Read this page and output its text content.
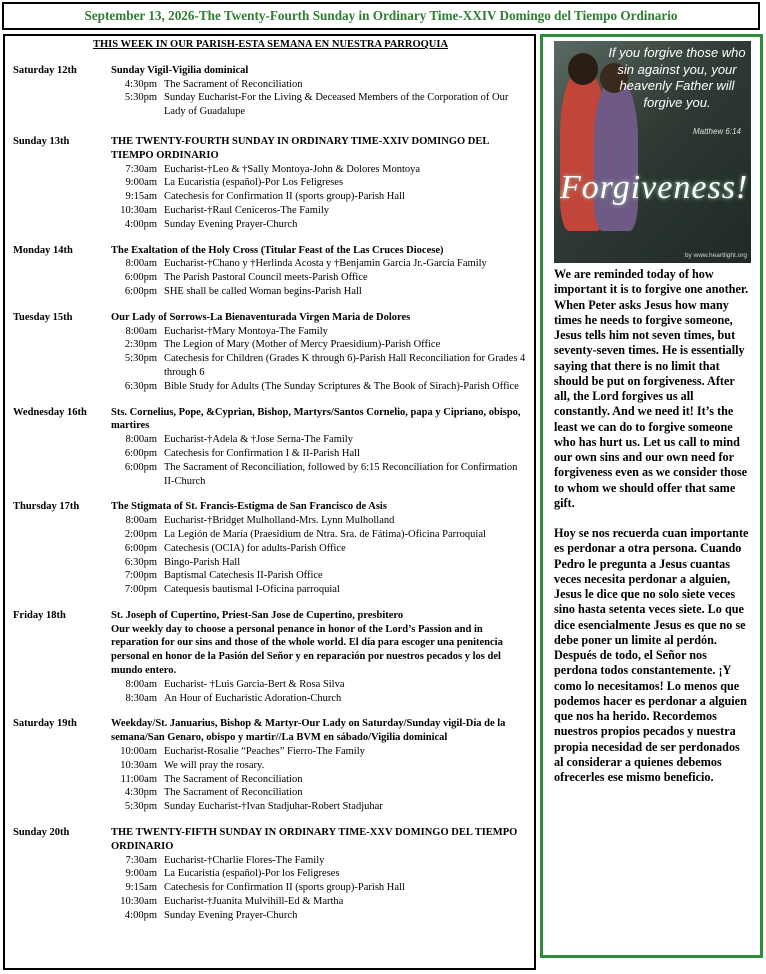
September 13, 2026-The Twenty-Fourth Sunday in Ordinary Time-XXIV Domingo del Tiempo Ordinario
THIS WEEK IN OUR PARISH-ESTA SEMANA EN NUESTRA PARROQUIA
Saturday 12th	Sunday Vigil-Vigilia dominical
4:30pm The Sacrament of Reconciliation
5:30pm Sunday Eucharist-For the Living & Deceased Members of the Corporation of Our Lady of Guadalupe
Sunday 13th	THE TWENTY-FOURTH SUNDAY IN ORDINARY TIME-XXIV DOMINGO DEL TIEMPO ORDINARIO
7:30am Eucharist-†Leo & †Sally Montoya-John & Dolores Montoya
9:00am La Eucaristía (español)-Por Los Feligreses
9:15am Catechesis for Confirmation II (sports group)-Parish Hall
10:30am Eucharist-†Raul Ceniceros-The Family
4:00pm Sunday Evening Prayer-Church
Monday 14th	The Exaltation of the Holy Cross (Titular Feast of the Las Cruces Diocese)
8:00am Eucharist-†Chano y †Herlinda Acosta y †Benjamin Garcia Jr.-Garcia Family
6:00pm The Parish Pastoral Council meets-Parish Office
6:00pm SHE shall be called Woman begins-Parish Hall
Tuesday 15th	Our Lady of Sorrows-La Bienaventurada Virgen Maria de Dolores
8:00am Eucharist-†Mary Montoya-The Family
2:30pm The Legion of Mary (Mother of Mercy Praesidium)-Parish Office
5:30pm Catechesis for Children (Grades K through 6)-Parish Hall Reconciliation for Grades 4 through 6
6:30pm Bible Study for Adults (The Sunday Scriptures & The Book of Sirach)-Parish Office
Wednesday 16th	Sts. Cornelius, Pope, &Cyprian, Bishop, Martyrs/Santos Cornelio, papa y Cipriano, obispo, martires
8:00am Eucharist-†Adela & †Jose Serna-The Family
6:00pm Catechesis for Confirmation I & II-Parish Hall
6:00pm The Sacrament of Reconciliation, followed by 6:15 Reconciliation for Confirmation II-Church
Thursday 17th	The Stigmata of St. Francis-Estigma de San Francisco de Asis
8:00am Eucharist-†Bridget Mulholland-Mrs. Lynn Mulholland
2:00pm La Legión de María (Praesidium de Ntra. Sra. de Fátima)-Oficina Parroquial
6:00pm Catechesis (OCIA) for adults-Parish Office
6:30pm Bingo-Parish Hall
7:00pm Baptismal Catechesis II-Parish Office
7:00pm Catequesis bautismal I-Oficina parroquial
Friday 18th	St. Joseph of Cupertino, Priest-San Jose de Cupertino, presbitero
Our weekly day to choose a personal penance in honor of the Lord’s Passion and in reparation for our sins and those of the whole world. El día para escoger una penitencia personal en honor de la Pasión del Señor y en reparación por nuestros pecados y los del mundo entero.
8:00am Eucharist- †Luis Garcia-Bert & Rosa Silva
8:30am An Hour of Eucharistic Adoration-Church
Saturday 19th	Weekday/St. Januarius, Bishop & Martyr-Our Lady on Saturday/Sunday vigil-Día de la semana/San Genaro, obispo y martir//La BVM en sábado/Vigilia dominical
10:00am Eucharist-Rosalie “Peaches” Fierro-The Family
10:30am We will pray the rosary.
11:00am The Sacrament of Reconciliation
4:30pm The Sacrament of Reconciliation
5:30pm Sunday Eucharist-†Ivan Stadjuhar-Robert Stadjuhar
Sunday 20th	THE TWENTY-FIFTH SUNDAY IN ORDINARY TIME-XXV DOMINGO DEL TIEMPO ORDINARIO
7:30am Eucharist-†Charlie Flores-The Family
9:00am La Eucaristía (español)-Por los Feligreses
9:15am Catechesis for Confirmation II (sports group)-Parish Hall
10:30am Eucharist-†Juanita Mulvihill-Ed & Martha
4:00pm Sunday Evening Prayer-Church
If you forgive those who sin against you, your heavenly Father will forgive you.
Matthew 6:14
Forgiveness!
by www.heartlight.org

We are reminded today of how important it is to forgive one another. When Peter asks Jesus how many times he needs to forgive someone, Jesus tells him not seven times, but seventy-seven times. He is essentially saying that there is no limit that should be put on forgiveness. After all, the Lord forgives us all constantly. And we need it! It’s the least we can do to forgive someone who has hurt us. Let us call to mind our own sins and our own need for forgiveness even as we consider those to whom we should offer that same gift.

Hoy se nos recuerda cuan importante es perdonar a otra persona. Cuando Pedro le pregunta a Jesus cuantas veces necesita perdonar a alguien, Jesus le dice que no solo siete veces sino hasta setenta veces siete. Lo que dice esencialmente Jesus es que no se debe poner un limite al perdón. Después de todo, el Señor nos perdona todos constantemente. ¡Y como lo necesitamos! Lo menos que podemos hacer es perdonar a alguien que nos ha herido. Recordemos nuestros propios pecados y nuestra propia necesidad de ser perdonados al considerar a quienes debemos ofrecerles ese mismo beneficio.
